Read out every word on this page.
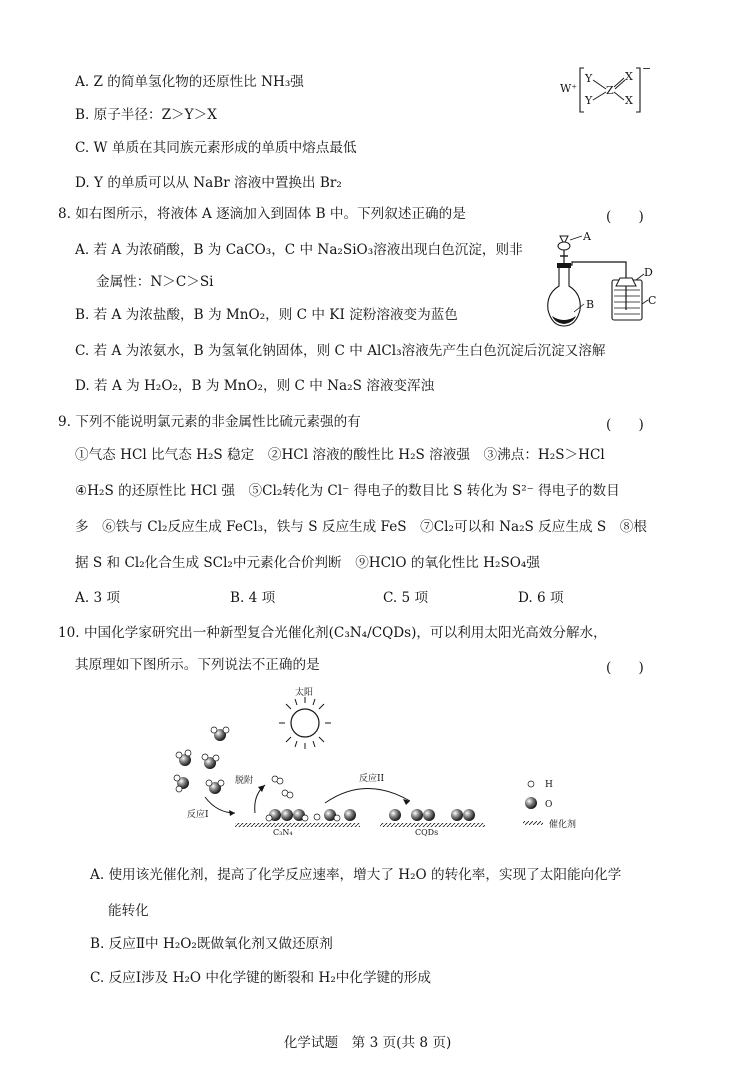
A. Z 的简单氢化物的还原性比 NH₃强
B. 原子半径：Z＞Y＞X
C. W 单质在其同族元素形成的单质中熔点最低
D. Y 的单质可以从 NaBr 溶液中置换出 Br₂
W⁺
Y
Y
Z
X
X
−
8. 如右图所示，将液体 A 逐滴加入到固体 B 中。下列叙述正确的是	(　　)
A. 若 A 为浓硝酸，B 为 CaCO₃，C 中 Na₂SiO₃溶液出现白色沉淀，则非
金属性：N＞C＞Si
B. 若 A 为浓盐酸，B 为 MnO₂，则 C 中 KI 淀粉溶液变为蓝色
C. 若 A 为浓氨水，B 为氢氧化钠固体，则 C 中 AlCl₃溶液先产生白色沉淀后沉淀又溶解
D. 若 A 为 H₂O₂，B 为 MnO₂，则 C 中 Na₂S 溶液变浑浊
A
B
D
C
9. 下列不能说明氯元素的非金属性比硫元素强的有	(　　)
①气态 HCl 比气态 H₂S 稳定　②HCl 溶液的酸性比 H₂S 溶液强　③沸点：H₂S＞HCl
④H₂S 的还原性比 HCl 强　⑤Cl₂转化为 Cl⁻ 得电子的数目比 S 转化为 S²⁻ 得电子的数目
多　⑥铁与 Cl₂反应生成 FeCl₃，铁与 S 反应生成 FeS　⑦Cl₂可以和 Na₂S 反应生成 S　⑧根
据 S 和 Cl₂化合生成 SCl₂中元素化合价判断　⑨HClO 的氧化性比 H₂SO₄强
A. 3 项	B. 4 项	C. 5 项	D. 6 项
10. 中国化学家研究出一种新型复合光催化剂(C₃N₄/CQDs)，可以利用太阳光高效分解水，
其原理如下图所示。下列说法不正确的是	(　　)
太阳
反应I
脱附
C₃N₄
反应II
CQDs
H
O
催化剂
A. 使用该光催化剂，提高了化学反应速率，增大了 H₂O 的转化率，实现了太阳能向化学
能转化
B. 反应Ⅱ中 H₂O₂既做氧化剂又做还原剂
C. 反应Ⅰ涉及 H₂O 中化学键的断裂和 H₂中化学键的形成
化学试题　第 3 页(共 8 页)
